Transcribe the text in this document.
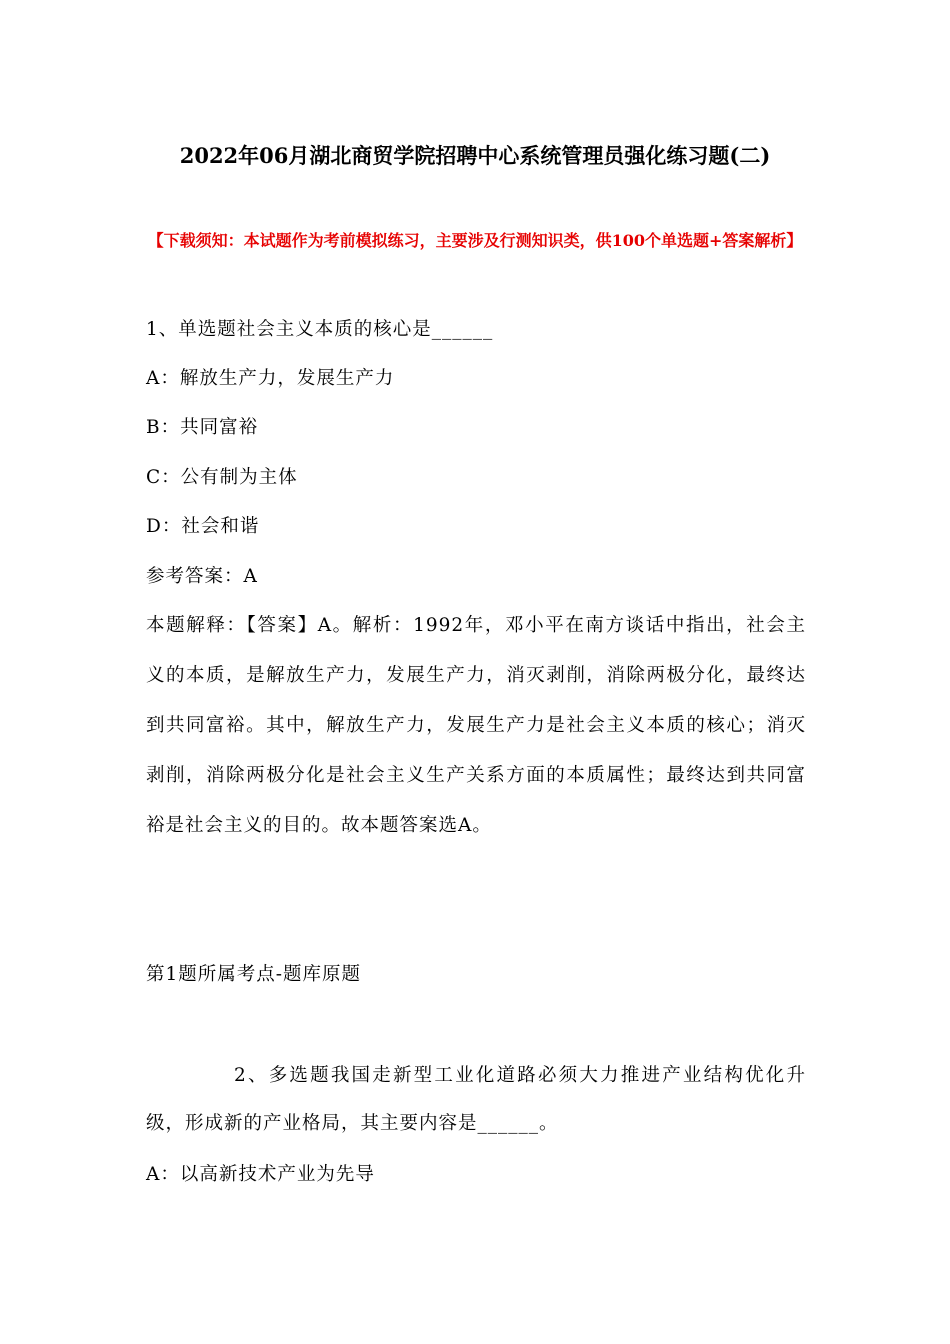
2022年06月湖北商贸学院招聘中心系统管理员强化练习题(二)
【下载须知：本试题作为考前模拟练习，主要涉及行测知识类，供100个单选题+答案解析】
1、单选题社会主义本质的核心是______
A：解放生产力，发展生产力
B：共同富裕
C：公有制为主体
D：社会和谐
参考答案：A
本题解释：【答案】A。解析：1992年，邓小平在南方谈话中指出，社会主义的本质，是解放生产力，发展生产力，消灭剥削，消除两极分化，最终达到共同富裕。其中，解放生产力，发展生产力是社会主义本质的核心；消灭剥削，消除两极分化是社会主义生产关系方面的本质属性；最终达到共同富裕是社会主义的目的。故本题答案选A。
第1题所属考点-题库原题
2、多选题我国走新型工业化道路必须大力推进产业结构优化升级，形成新的产业格局，其主要内容是______。
A：以高新技术产业为先导
